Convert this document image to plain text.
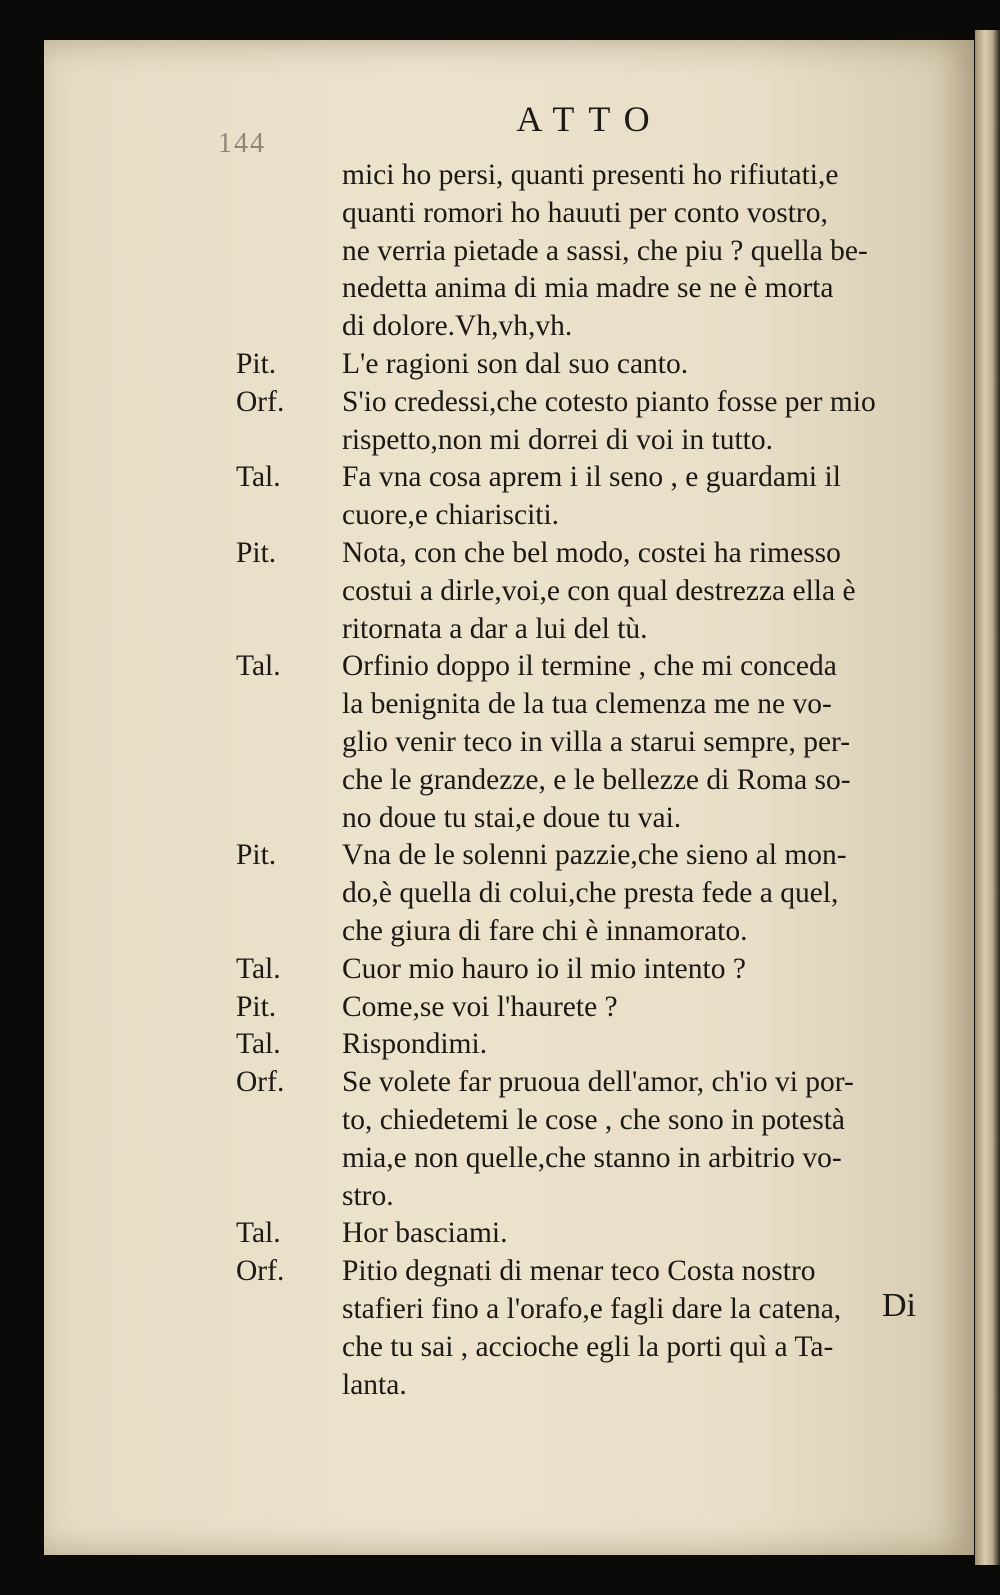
144
ATTO
mici ho persi, quanti presenti ho rifiutati,e
quanti romori ho hauuti per conto vostro,
ne verria pietade a sassi, che piu ? quella be-
nedetta anima di mia madre se ne è morta
di dolore.Vh,vh,vh.
Pit.	L'e ragioni son dal suo canto.
Orf.	S'io credessi,che cotesto pianto fosse per mio
rispetto,non mi dorrei di voi in tutto.
Tal.	Fa vna cosa aprem i il seno , e guardami il
cuore,e chiarisciti.
Pit.	Nota, con che bel modo, costei ha rimesso
costui a dirle,voi,e con qual destrezza ella è
ritornata a dar a lui del tù.
Tal.	Orfinio doppo il termine , che mi conceda
la benignita de la tua clemenza me ne vo-
glio venir teco in villa a starui sempre, per-
che le grandezze, e le bellezze di Roma so-
no doue tu stai,e doue tu vai.
Pit.	Vna de le solenni pazzie,che sieno al mon-
do,è quella di colui,che presta fede a quel,
che giura di fare chi è innamorato.
Tal.	Cuor mio hauro io il mio intento ?
Pit.	Come,se voi l'haurete ?
Tal.	Rispondimi.
Orf.	Se volete far pruoua dell'amor, ch'io vi por-
to, chiedetemi le cose , che sono in potestà
mia,e non quelle,che stanno in arbitrio vo-
stro.
Tal.	Hor basciami.
Orf.	Pitio degnati di menar teco Costa nostro
stafieri fino a l'orafo,e fagli dare la catena,
che tu sai , accioche egli la porti quì a Ta-
lanta.
Di
